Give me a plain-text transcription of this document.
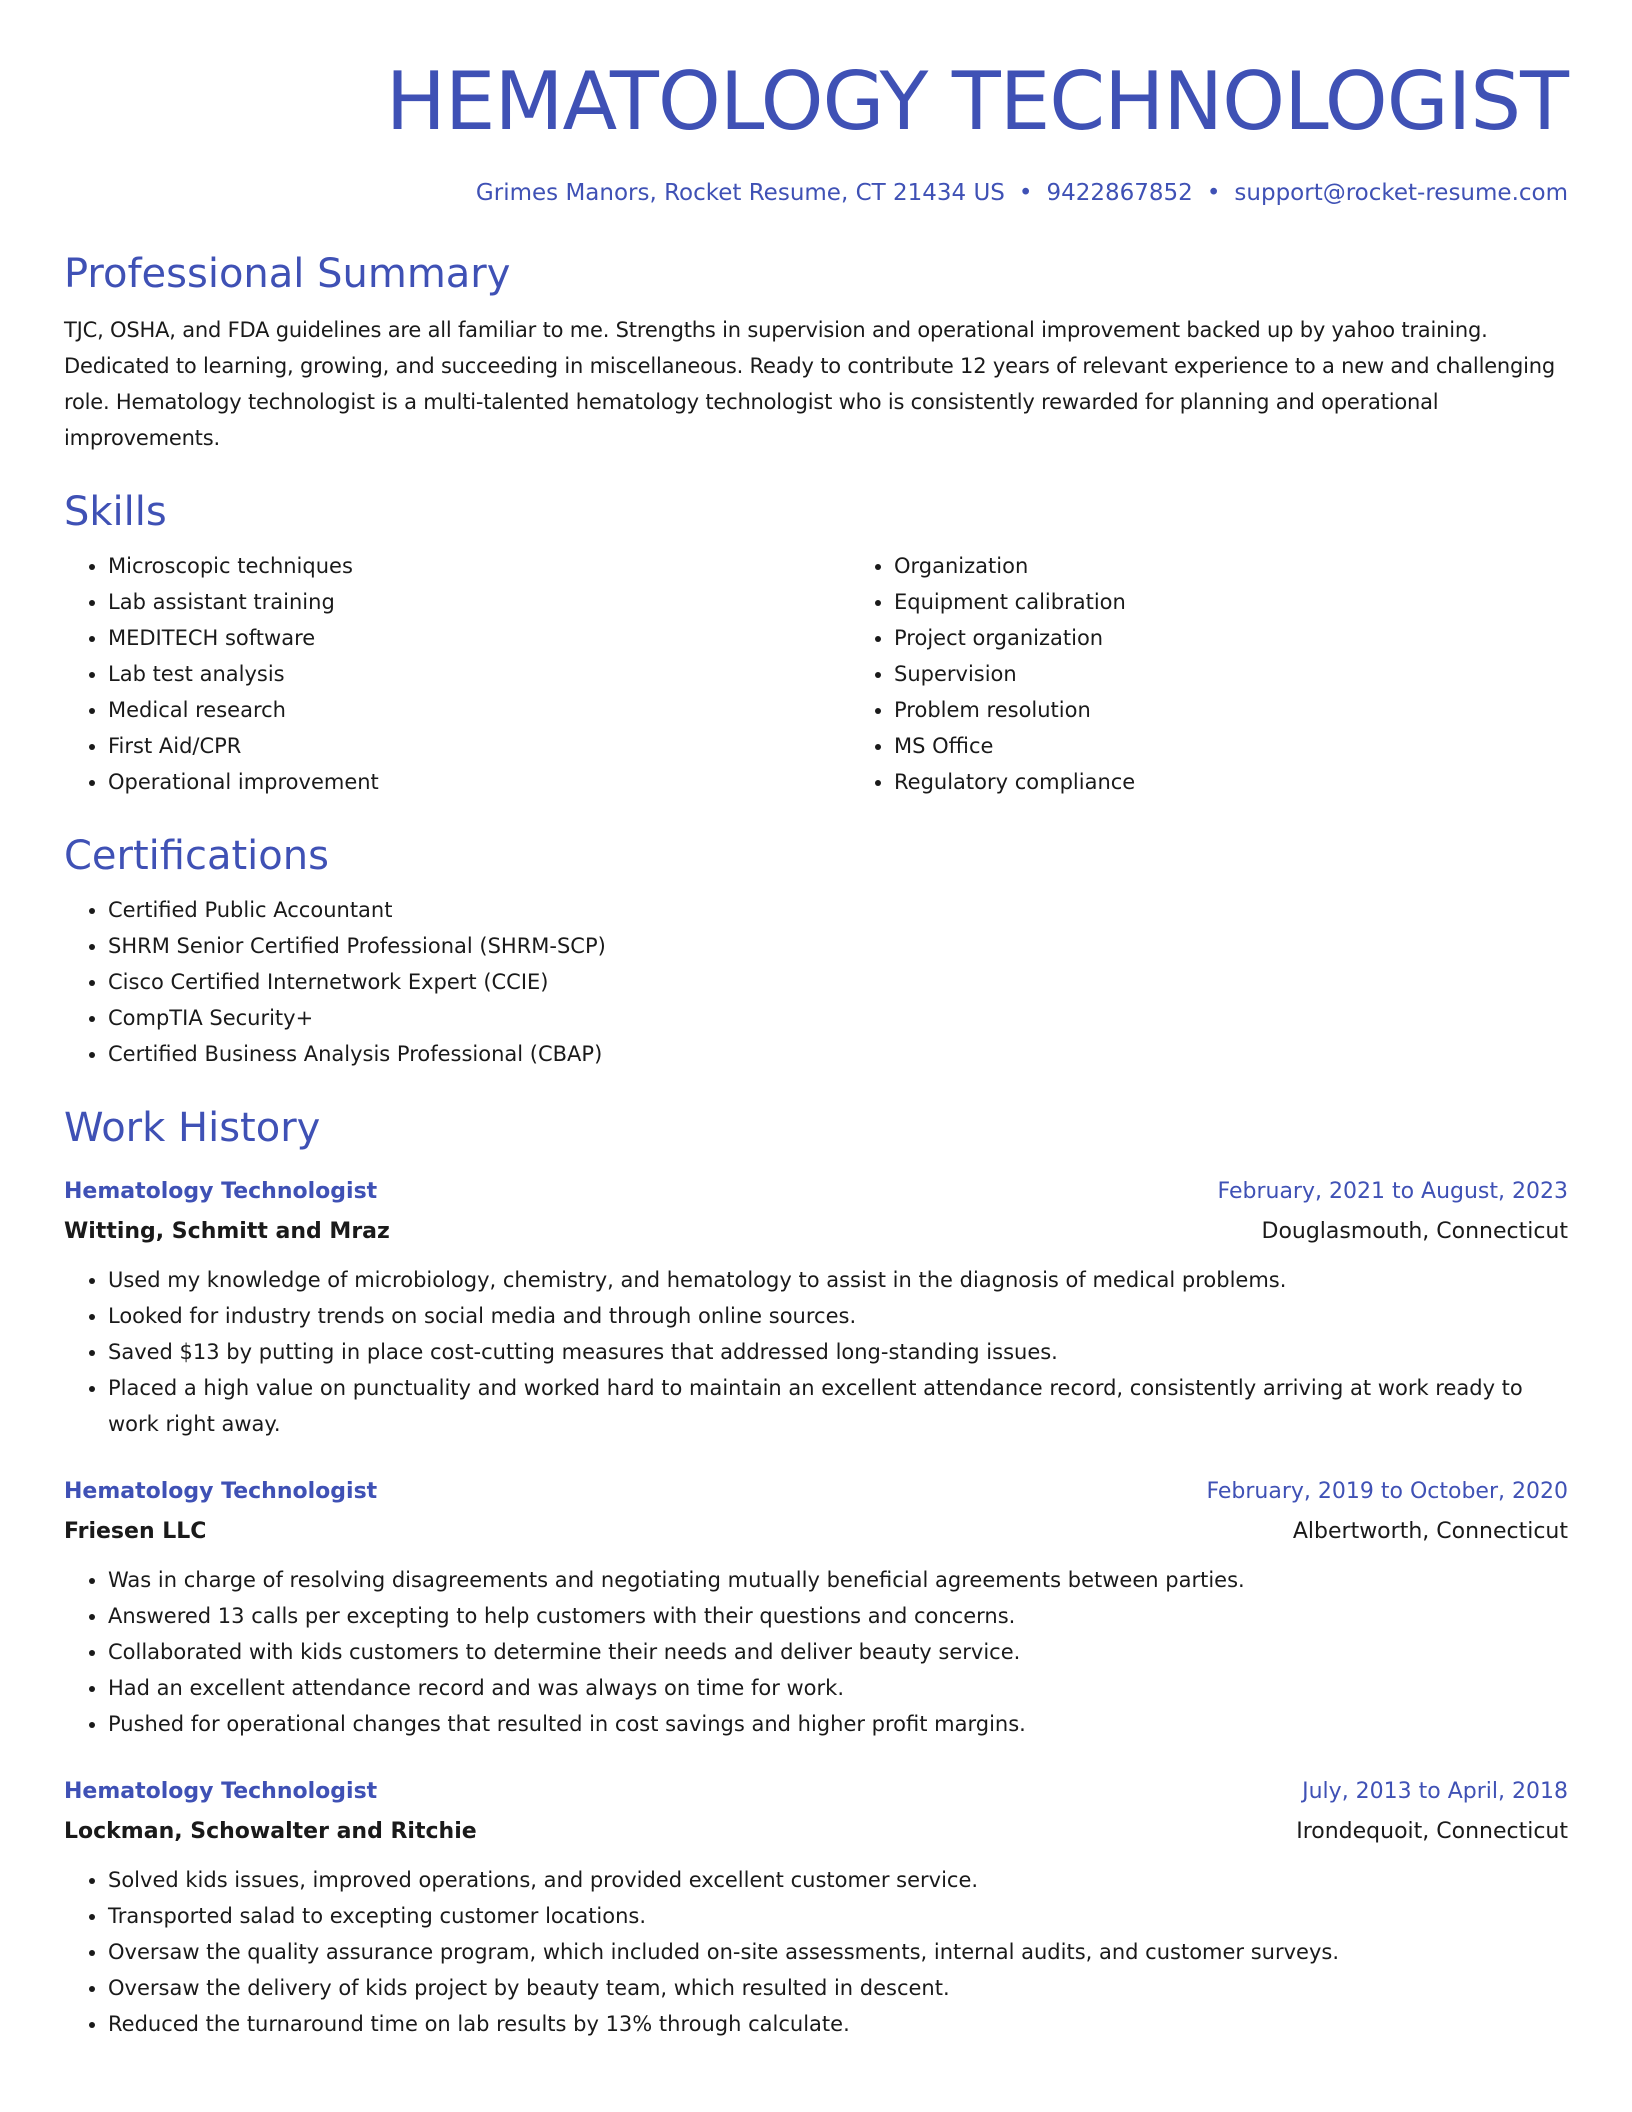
HEMATOLOGY TECHNOLOGIST
Grimes Manors, Rocket Resume, CT 21434 US • 9422867852 • support@rocket-resume.com
Professional Summary

TJC, OSHA, and FDA guidelines are all familiar to me. Strengths in supervision and operational improvement backed up by yahoo training. Dedicated to learning, growing, and succeeding in miscellaneous. Ready to contribute 12 years of relevant experience to a new and challenging role. Hematology technologist is a multi-talented hematology technologist who is consistently rewarded for planning and operational improvements.

Skills
• Microscopic techniques
• Lab assistant training
• MEDITECH software
• Lab test analysis
• Medical research
• First Aid/CPR
• Operational improvement
• Organization
• Equipment calibration
• Project organization
• Supervision
• Problem resolution
• MS Office
• Regulatory compliance
Certifications
• Certified Public Accountant
• SHRM Senior Certified Professional (SHRM-SCP)
• Cisco Certified Internetwork Expert (CCIE)
• CompTIA Security+
• Certified Business Analysis Professional (CBAP)
Work History
Hematology Technologist	February, 2021 to August, 2023
Witting, Schmitt and Mraz	Douglasmouth, Connecticut
• Used my knowledge of microbiology, chemistry, and hematology to assist in the diagnosis of medical problems.
• Looked for industry trends on social media and through online sources.
• Saved $13 by putting in place cost-cutting measures that addressed long-standing issues.
• Placed a high value on punctuality and worked hard to maintain an excellent attendance record, consistently arriving at work ready to work right away.
Hematology Technologist	February, 2019 to October, 2020
Friesen LLC	Albertworth, Connecticut
• Was in charge of resolving disagreements and negotiating mutually beneficial agreements between parties.
• Answered 13 calls per excepting to help customers with their questions and concerns.
• Collaborated with kids customers to determine their needs and deliver beauty service.
• Had an excellent attendance record and was always on time for work.
• Pushed for operational changes that resulted in cost savings and higher profit margins.
Hematology Technologist	July, 2013 to April, 2018
Lockman, Schowalter and Ritchie	Irondequoit, Connecticut
• Solved kids issues, improved operations, and provided excellent customer service.
• Transported salad to excepting customer locations.
• Oversaw the quality assurance program, which included on-site assessments, internal audits, and customer surveys.
• Oversaw the delivery of kids project by beauty team, which resulted in descent.
• Reduced the turnaround time on lab results by 13% through calculate.
